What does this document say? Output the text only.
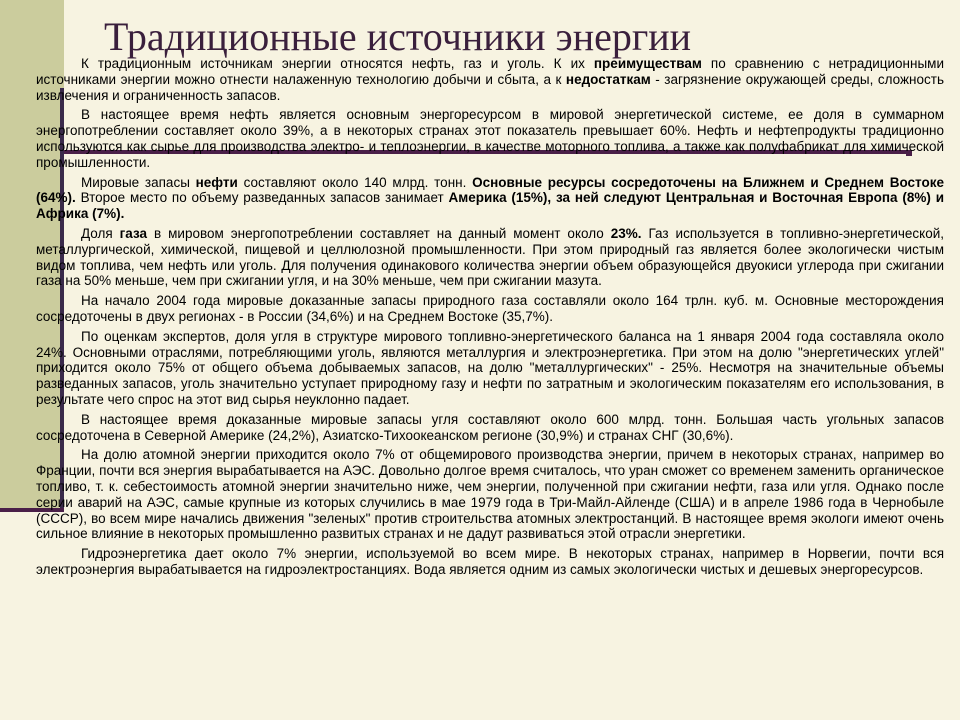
Традиционные источники энергии

К традиционным источникам энергии относятся нефть, газ и уголь. К их преимуществам по сравнению с нетрадиционными источниками энергии можно отнести налаженную технологию добычи и сбыта, а к недостаткам - загрязнение окружающей среды, сложность извлечения и ограниченность запасов.

В настоящее время нефть является основным энергоресурсом в мировой энергетической системе, ее доля в суммарном энергопотреблении составляет около 39%, а в некоторых странах этот показатель превышает 60%. Нефть и нефтепродукты традиционно используются как сырье для производства электро- и теплоэнергии, в качестве моторного топлива, а также как полуфабрикат для химической промышленности.

Мировые запасы нефти составляют около 140 млрд. тонн. Основные ресурсы сосредоточены на Ближнем и Среднем Востоке (64%). Второе место по объему разведанных запасов занимает Америка (15%), за ней следуют Центральная и Восточная Европа (8%) и Африка (7%).

Доля газа в мировом энергопотреблении составляет на данный момент около 23%. Газ используется в топливно-энергетической, металлургической, химической, пищевой и целлюлозной промышленности. При этом природный газ является более экологически чистым видом топлива, чем нефть или уголь. Для получения одинакового количества энергии объем образующейся двуокиси углерода при сжигании газа на 50% меньше, чем при сжигании угля, и на 30% меньше, чем при сжигании мазута.

На начало 2004 года мировые доказанные запасы природного газа составляли около 164 трлн. куб. м. Основные месторождения сосредоточены в двух регионах - в России (34,6%) и на Среднем Востоке (35,7%).

По оценкам экспертов, доля угля в структуре мирового топливно-энергетического баланса на 1 января 2004 года составляла около 24%. Основными отраслями, потребляющими уголь, являются металлургия и электроэнергетика. При этом на долю "энергетических углей" приходится около 75% от общего объема добываемых запасов, на долю "металлургических" - 25%. Несмотря на значительные объемы разведанных запасов, уголь значительно уступает природному газу и нефти по затратным и экологическим показателям его использования, в результате чего спрос на этот вид сырья неуклонно падает.

В настоящее время доказанные мировые запасы угля составляют около 600 млрд. тонн. Большая часть угольных запасов сосредоточена в Северной Америке (24,2%), Азиатско-Тихоокеанском регионе (30,9%) и странах СНГ (30,6%).

На долю атомной энергии приходится около 7% от общемирового производства энергии, причем в некоторых странах, например во Франции, почти вся энергия вырабатывается на АЭС. Довольно долгое время считалось, что уран сможет со временем заменить органическое топливо, т. к. себестоимость атомной энергии значительно ниже, чем энергии, полученной при сжигании нефти, газа или угля. Однако после серии аварий на АЭС, самые крупные из которых случились в мае 1979 года в Три-Майл-Айленде (США) и в апреле 1986 года в Чернобыле (СССР), во всем мире начались движения "зеленых" против строительства атомных электростанций. В настоящее время экологи имеют очень сильное влияние в некоторых промышленно развитых странах и не дадут развиваться этой отрасли энергетики.

Гидроэнергетика дает около 7% энергии, используемой во всем мире. В некоторых странах, например в Норвегии, почти вся электроэнергия вырабатывается на гидроэлектростанциях. Вода является одним из самых экологически чистых и дешевых энергоресурсов.
